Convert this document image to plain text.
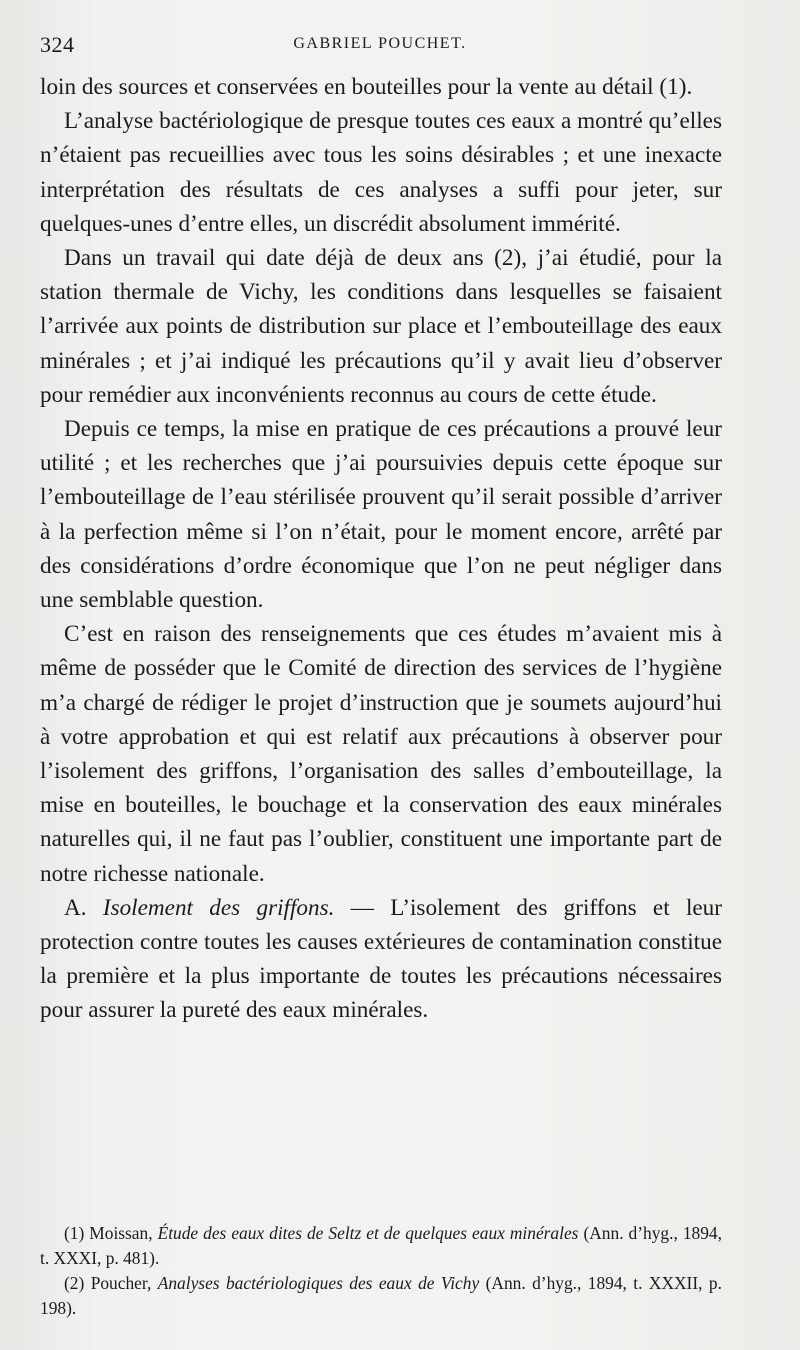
324	GABRIEL POUCHET.

loin des sources et conservées en bouteilles pour la vente au détail (1).

L’analyse bactériologique de presque toutes ces eaux a montré qu’elles n’étaient pas recueillies avec tous les soins désirables ; et une inexacte interprétation des résultats de ces analyses a suffi pour jeter, sur quelques-unes d’entre elles, un discrédit absolument immérité.

Dans un travail qui date déjà de deux ans (2), j’ai étudié, pour la station thermale de Vichy, les conditions dans lesquelles se faisaient l’arrivée aux points de distribution sur place et l’embouteillage des eaux minérales ; et j’ai indiqué les précautions qu’il y avait lieu d’observer pour remédier aux inconvénients reconnus au cours de cette étude.

Depuis ce temps, la mise en pratique de ces précautions a prouvé leur utilité ; et les recherches que j’ai poursuivies depuis cette époque sur l’embouteillage de l’eau stérilisée prouvent qu’il serait possible d’arriver à la perfection même si l’on n’était, pour le moment encore, arrêté par des considérations d’ordre économique que l’on ne peut négliger dans une semblable question.

C’est en raison des renseignements que ces études m’avaient mis à même de posséder que le Comité de direction des services de l’hygiène m’a chargé de rédiger le projet d’instruction que je soumets aujourd’hui à votre approbation et qui est relatif aux précautions à observer pour l’isolement des griffons, l’organisation des salles d’embouteillage, la mise en bouteilles, le bouchage et la conservation des eaux minérales naturelles qui, il ne faut pas l’oublier, constituent une importante part de notre richesse nationale.

A. Isolement des griffons. — L’isolement des griffons et leur protection contre toutes les causes extérieures de contamination constitue la première et la plus importante de toutes les précautions nécessaires pour assurer la pureté des eaux minérales.

(1) Moissan, Étude des eaux dites de Seltz et de quelques eaux minérales (Ann. d’hyg., 1894, t. XXXI, p. 481).

(2) Poucher, Analyses bactériologiques des eaux de Vichy (Ann. d’hyg., 1894, t. XXXII, p. 198).
